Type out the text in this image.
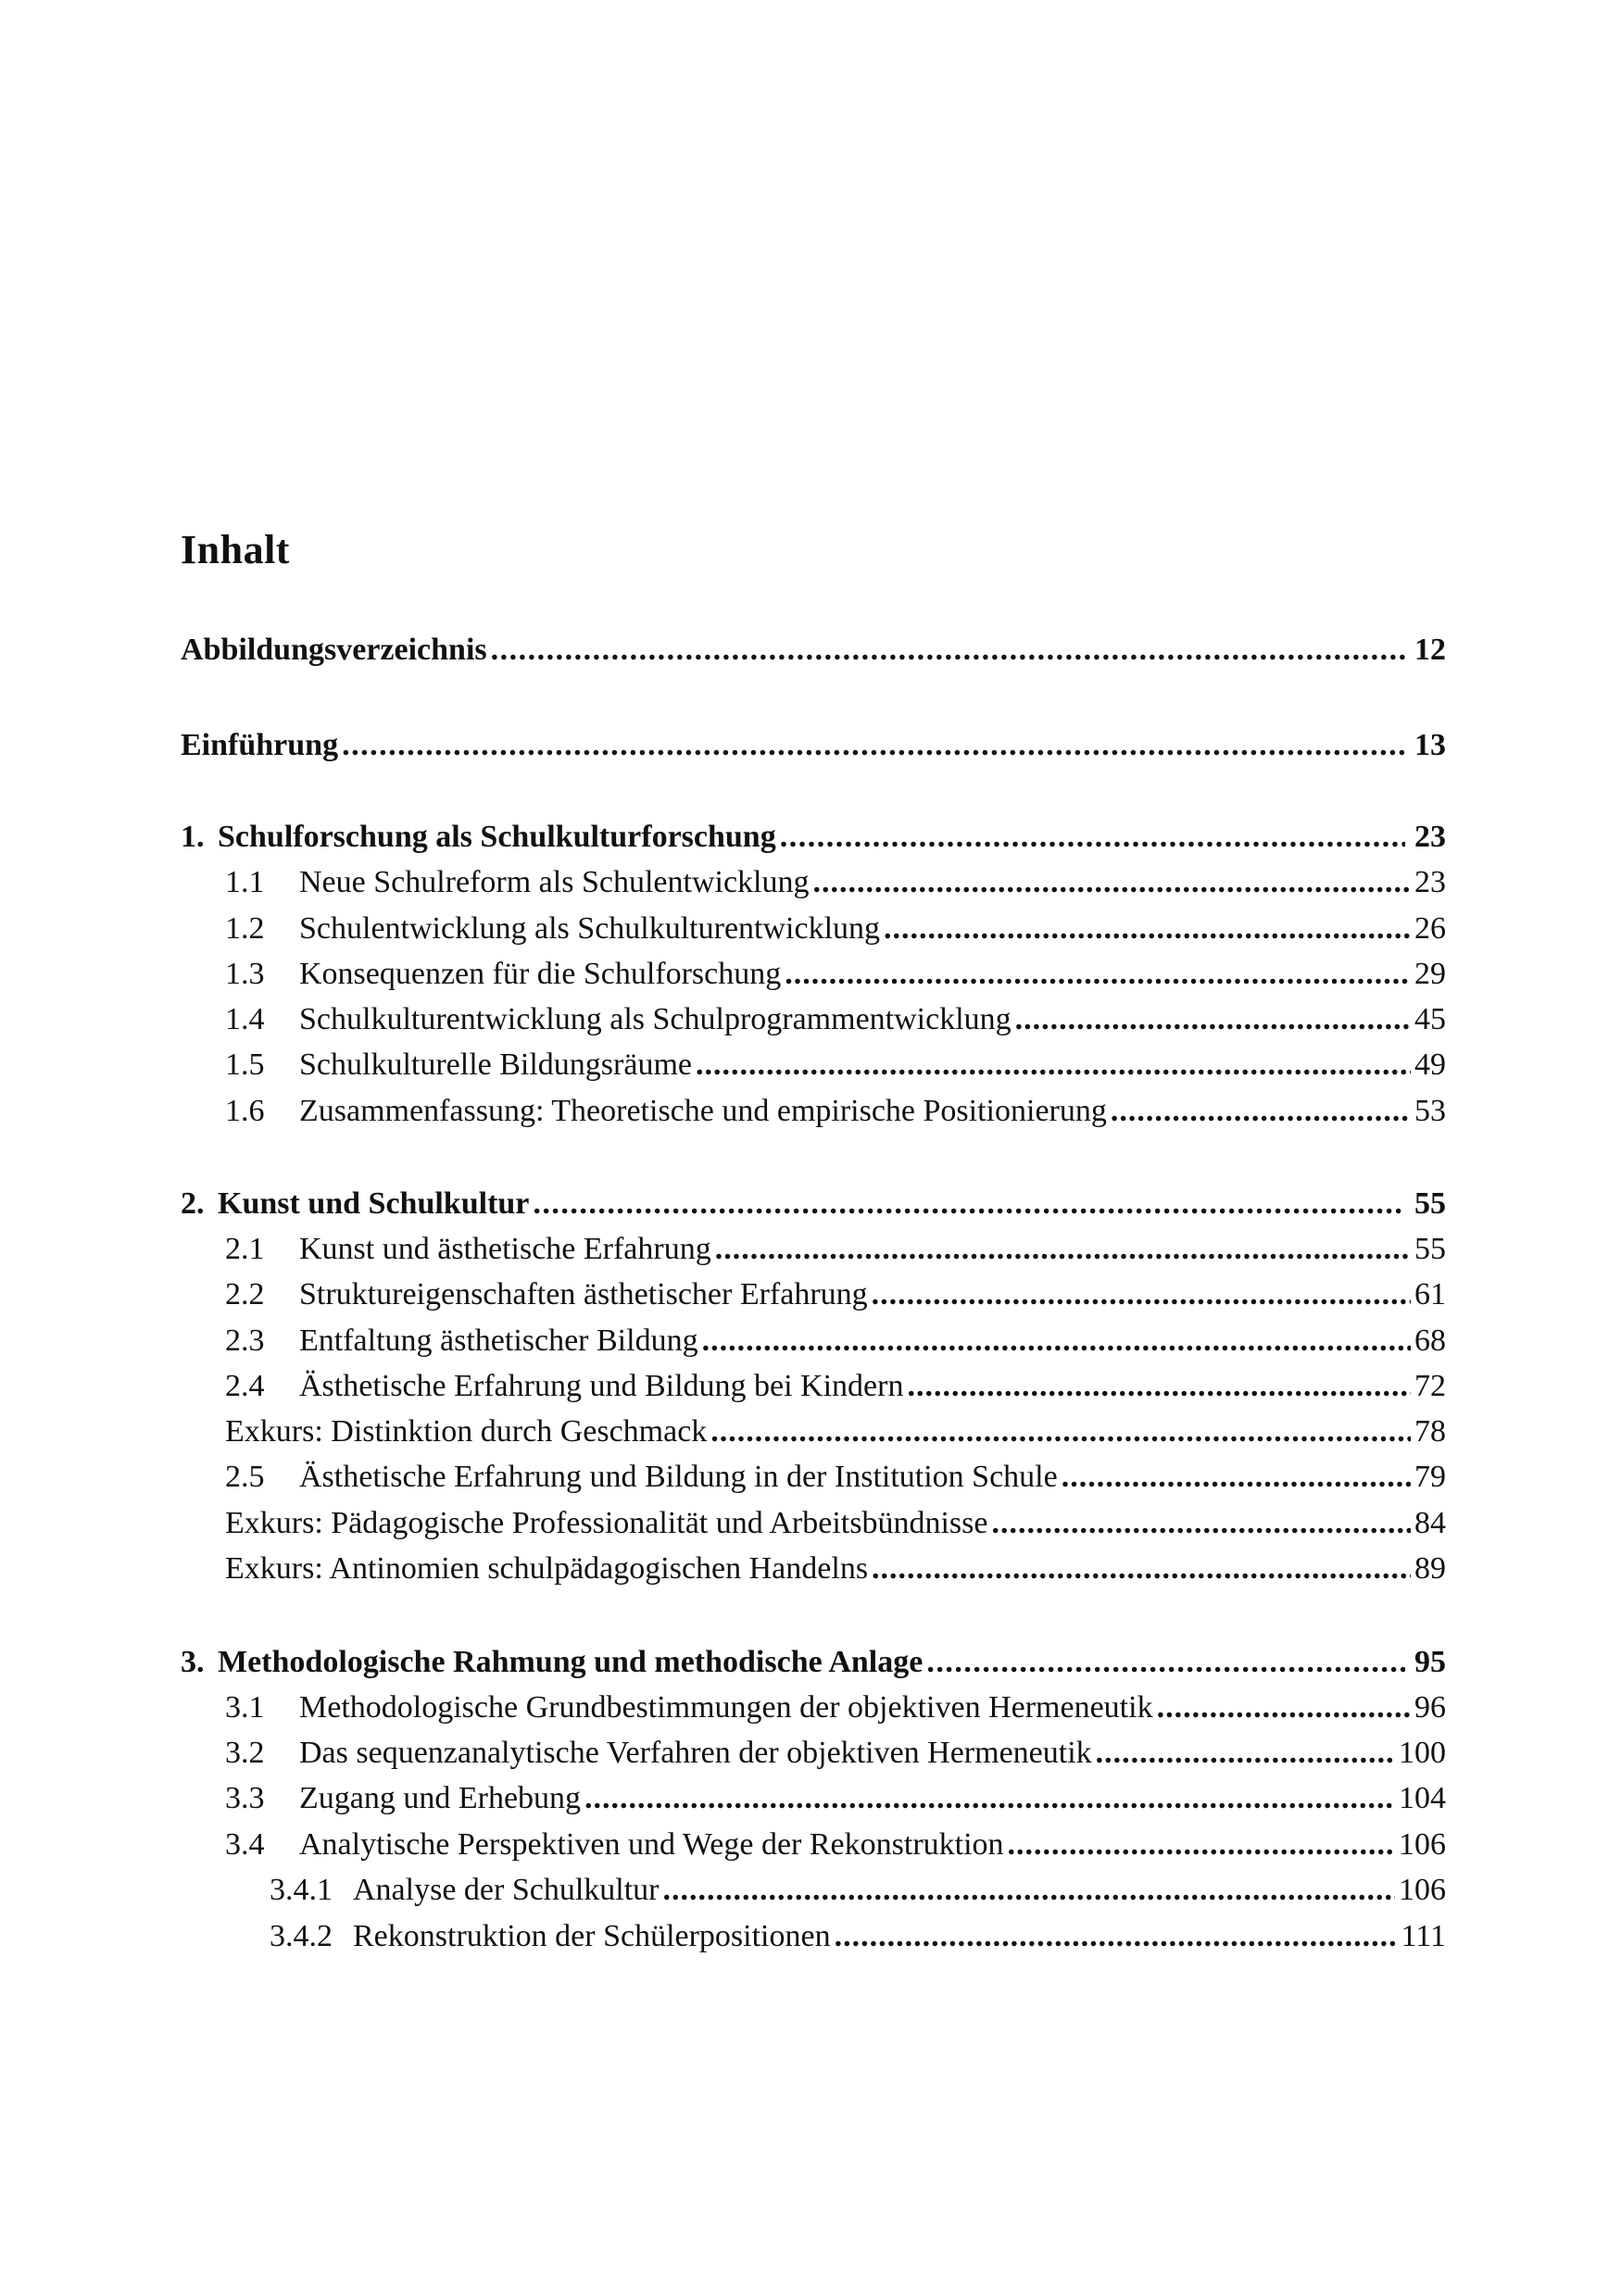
Inhalt
Abbildungsverzeichnis .....	12
Einführung .....	13
1. Schulforschung als Schulkulturforschung .....	23
1.1	Neue Schulreform als Schulentwicklung .....	23
1.2	Schulentwicklung als Schulkulturentwicklung .....	26
1.3	Konsequenzen für die Schulforschung .....	29
1.4	Schulkulturentwicklung als Schulprogrammentwicklung .....	45
1.5	Schulkulturelle Bildungsräume .....	49
1.6	Zusammenfassung: Theoretische und empirische Positionierung .....	53
2. Kunst und Schulkultur .....	55
2.1	Kunst und ästhetische Erfahrung .....	55
2.2	Struktureigenschaften ästhetischer Erfahrung .....	61
2.3	Entfaltung ästhetischer Bildung .....	68
2.4	Ästhetische Erfahrung und Bildung bei Kindern .....	72
Exkurs: Distinktion durch Geschmack .....	78
2.5	Ästhetische Erfahrung und Bildung in der Institution Schule .....	79
Exkurs: Pädagogische Professionalität und Arbeitsbündnisse .....	84
Exkurs: Antinomien schulpädagogischen Handelns .....	89
3. Methodologische Rahmung und methodische Anlage .....	95
3.1	Methodologische Grundbestimmungen der objektiven Hermeneutik .....	96
3.2	Das sequenzanalytische Verfahren der objektiven Hermeneutik .....	100
3.3	Zugang und Erhebung .....	104
3.4	Analytische Perspektiven und Wege der Rekonstruktion .....	106
3.4.1 Analyse der Schulkultur .....	106
3.4.2 Rekonstruktion der Schülerpositionen .....	111
